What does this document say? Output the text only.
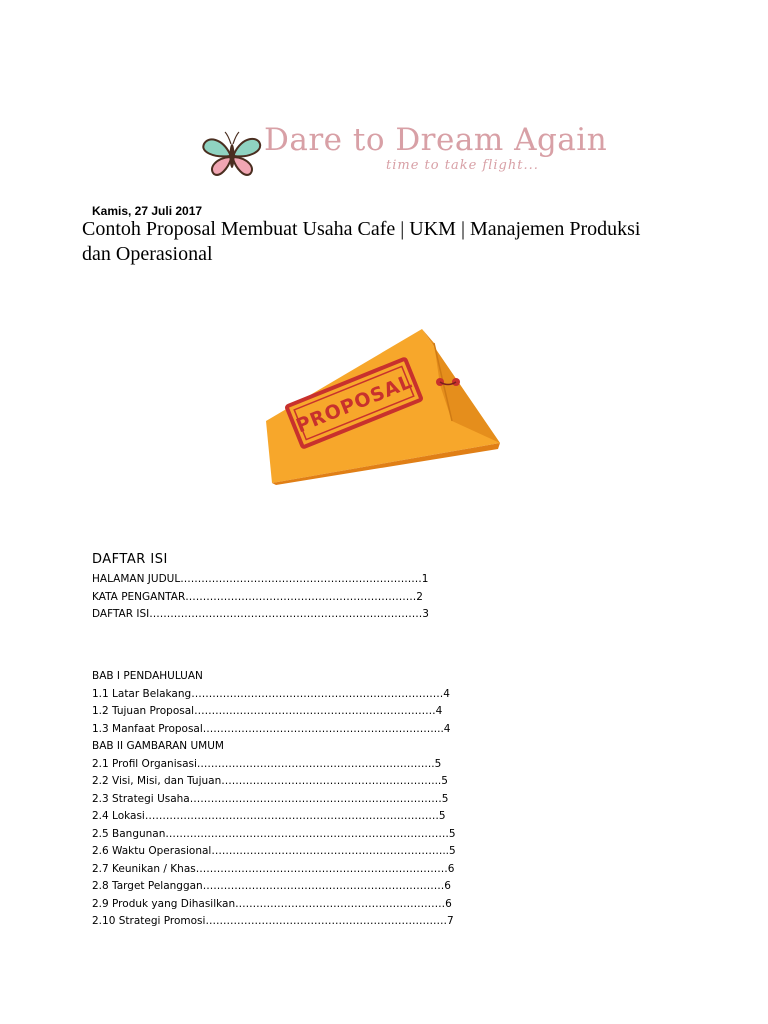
Dare to Dream Again
time to take flight...
Kamis, 27 Juli 2017
Contoh Proposal Membuat Usaha Cafe | UKM | Manajemen Produksi
dan Operasional
PROPOSAL
DAFTAR ISI
HALAMAN JUDUL……………………………………………………………1
KATA PENGANTAR…………………………………………………………2
DAFTAR ISI……………………………………………………………………3
BAB I PENDAHULUAN
1.1 Latar Belakang………………………………………………………………4
1.2 Tujuan Proposal……………………………………………………………4
1.3 Manfaat Proposal…………………………………………………………...4
BAB II GAMBARAN UMUM
2.1 Profil Organisasi…………………………………………………………..5
2.2 Visi, Misi, dan Tujuan……………………………………………………...5
2.3 Strategi Usaha………………………………………………………………5
2.4 Lokasi…………………………………………………………………………5
2.5 Bangunan………………………………………………………………………5
2.6 Waktu Operasional…………………………………………………………..5
2.7 Keunikan / Khas………………………………………………………………6
2.8 Target Pelanggan……………………………………………………………6
2.9 Produk yang Dihasilkan……………………………………………………6
2.10 Strategi Promosi……………………………………………………………7
